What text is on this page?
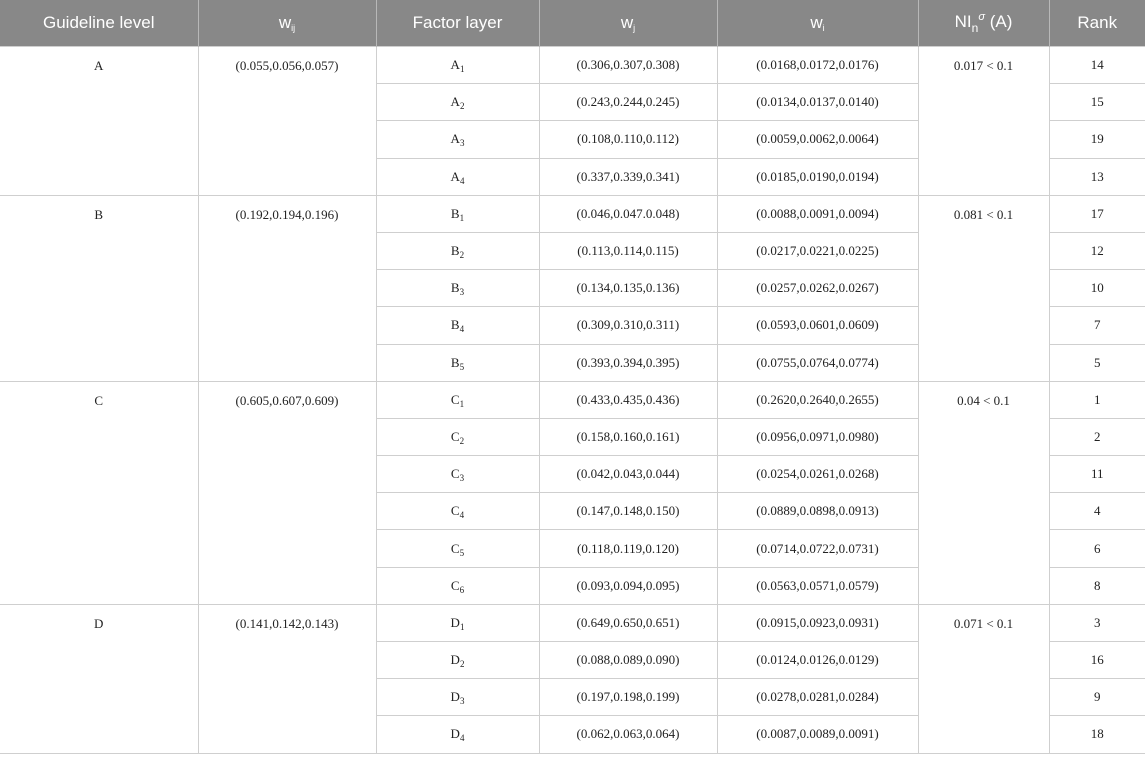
Guideline level	$w_{ij}$	Factor layer	$w_j$	$w_i$	$NI_n^\sigma$ (A)	Rank
A	(0.055,0.056,0.057)	$A_1$	(0.306,0.307,0.308)	(0.0168,0.0172,0.0176)	0.017 < 0.1	14
		$A_2$	(0.243,0.244,0.245)	(0.0134,0.0137,0.0140)		15
		$A_3$	(0.108,0.110,0.112)	(0.0059,0.0062,0.0064)		19
		$A_4$	(0.337,0.339,0.341)	(0.0185,0.0190,0.0194)		13
B	(0.192,0.194,0.196)	$B_1$	(0.046,0.047.0.048)	(0.0088,0.0091,0.0094)	0.081 < 0.1	17
		$B_2$	(0.113,0.114,0.115)	(0.0217,0.0221,0.0225)		12
		$B_3$	(0.134,0.135,0.136)	(0.0257,0.0262,0.0267)		10
		$B_4$	(0.309,0.310,0.311)	(0.0593,0.0601,0.0609)		7
		$B_5$	(0.393,0.394,0.395)	(0.0755,0.0764,0.0774)		5
C	(0.605,0.607,0.609)	$C_1$	(0.433,0.435,0.436)	(0.2620,0.2640,0.2655)	0.04 < 0.1	1
		$C_2$	(0.158,0.160,0.161)	(0.0956,0.0971,0.0980)		2
		$C_3$	(0.042,0.043,0.044)	(0.0254,0.0261,0.0268)		11
		$C_4$	(0.147,0.148,0.150)	(0.0889,0.0898,0.0913)		4
		$C_5$	(0.118,0.119,0.120)	(0.0714,0.0722,0.0731)		6
		$C_6$	(0.093,0.094,0.095)	(0.0563,0.0571,0.0579)		8
D	(0.141,0.142,0.143)	$D_1$	(0.649,0.650,0.651)	(0.0915,0.0923,0.0931)	0.071 < 0.1	3
		$D_2$	(0.088,0.089,0.090)	(0.0124,0.0126,0.0129)		16
		$D_3$	(0.197,0.198,0.199)	(0.0278,0.0281,0.0284)		9
		$D_4$	(0.062,0.063,0.064)	(0.0087,0.0089,0.0091)		18
